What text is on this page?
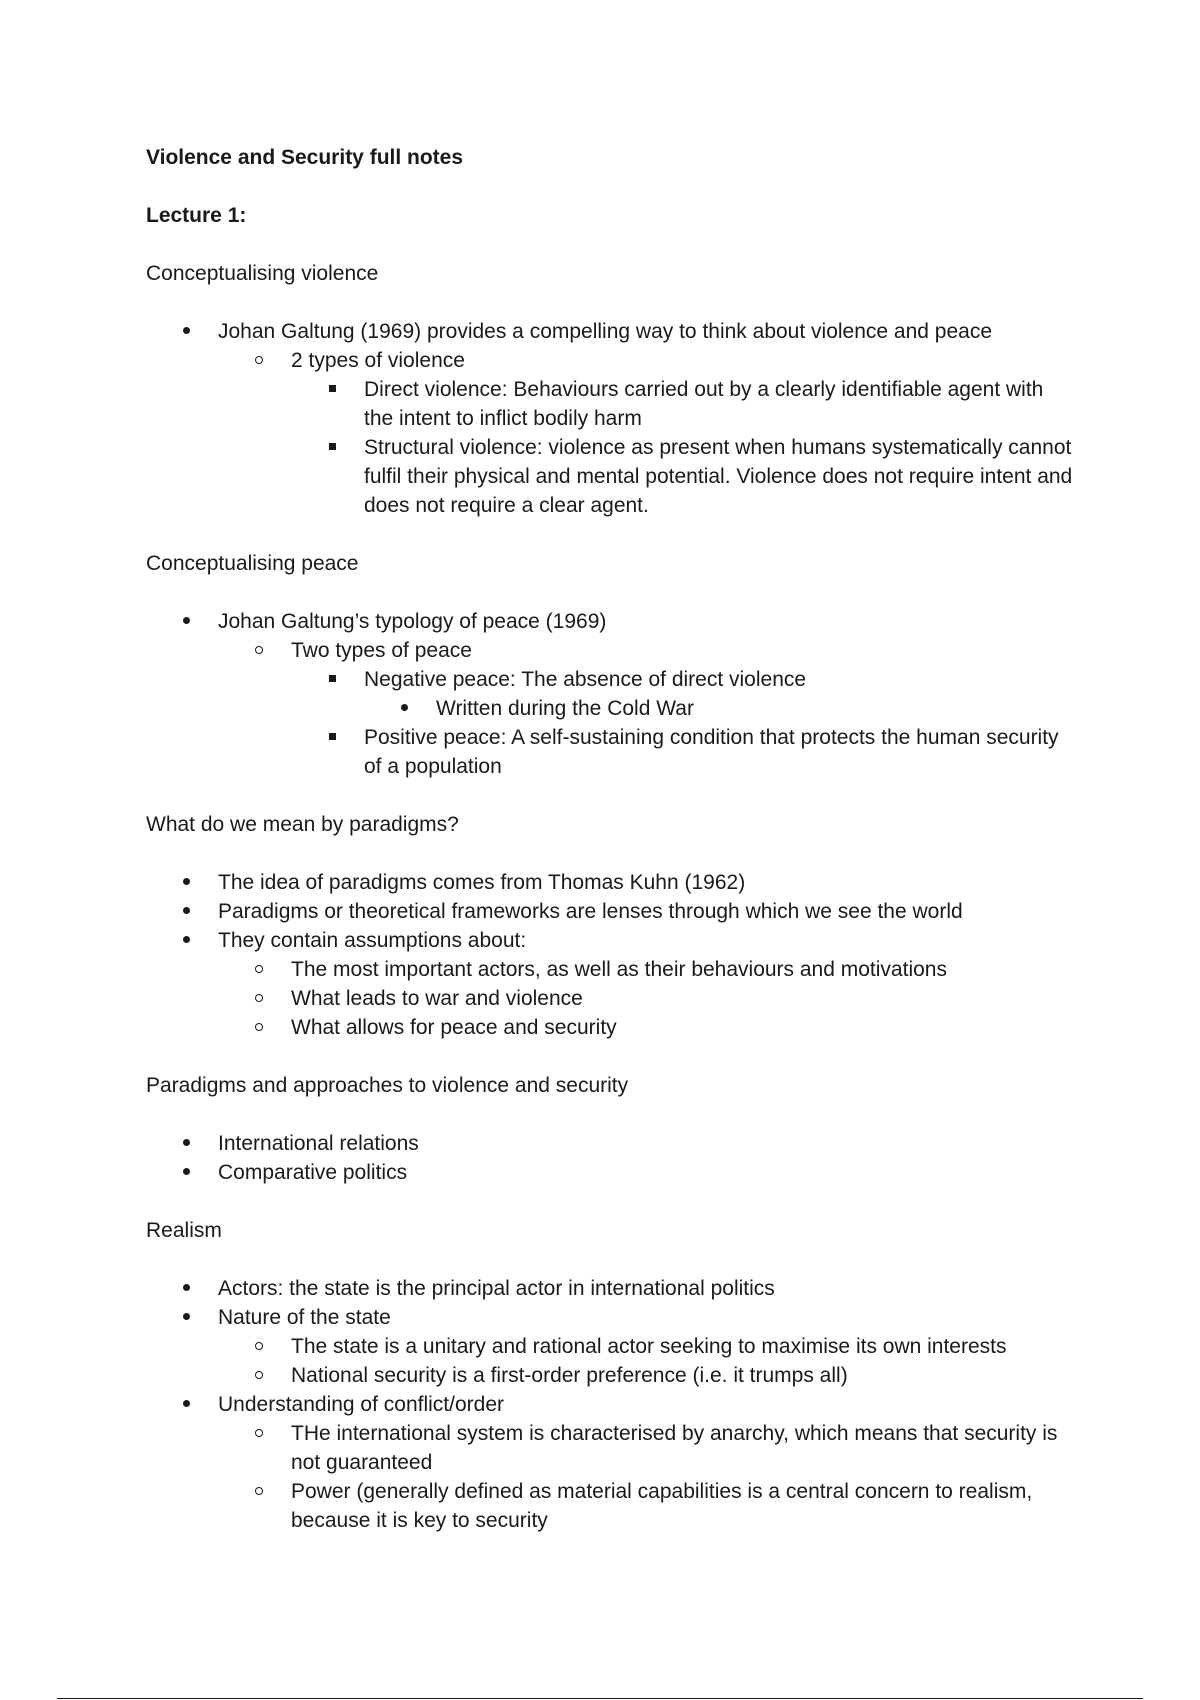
Violence and Security full notes

Lecture 1:

Conceptualising violence

Johan Galtung (1969) provides a compelling way to think about violence and peace
2 types of violence
Direct violence: Behaviours carried out by a clearly identifiable agent with the intent to inflict bodily harm
Structural violence: violence as present when humans systematically cannot fulfil their physical and mental potential. Violence does not require intent and does not require a clear agent.

Conceptualising peace

Johan Galtung’s typology of peace (1969)
Two types of peace
Negative peace: The absence of direct violence
Written during the Cold War
Positive peace: A self-sustaining condition that protects the human security of a population

What do we mean by paradigms?

The idea of paradigms comes from Thomas Kuhn (1962)
Paradigms or theoretical frameworks are lenses through which we see the world
They contain assumptions about:
The most important actors, as well as their behaviours and motivations
What leads to war and violence
What allows for peace and security

Paradigms and approaches to violence and security

International relations
Comparative politics

Realism

Actors: the state is the principal actor in international politics
Nature of the state
The state is a unitary and rational actor seeking to maximise its own interests
National security is a first-order preference (i.e. it trumps all)
Understanding of conflict/order
THe international system is characterised by anarchy, which means that security is not guaranteed
Power (generally defined as material capabilities is a central concern to realism, because it is key to security
